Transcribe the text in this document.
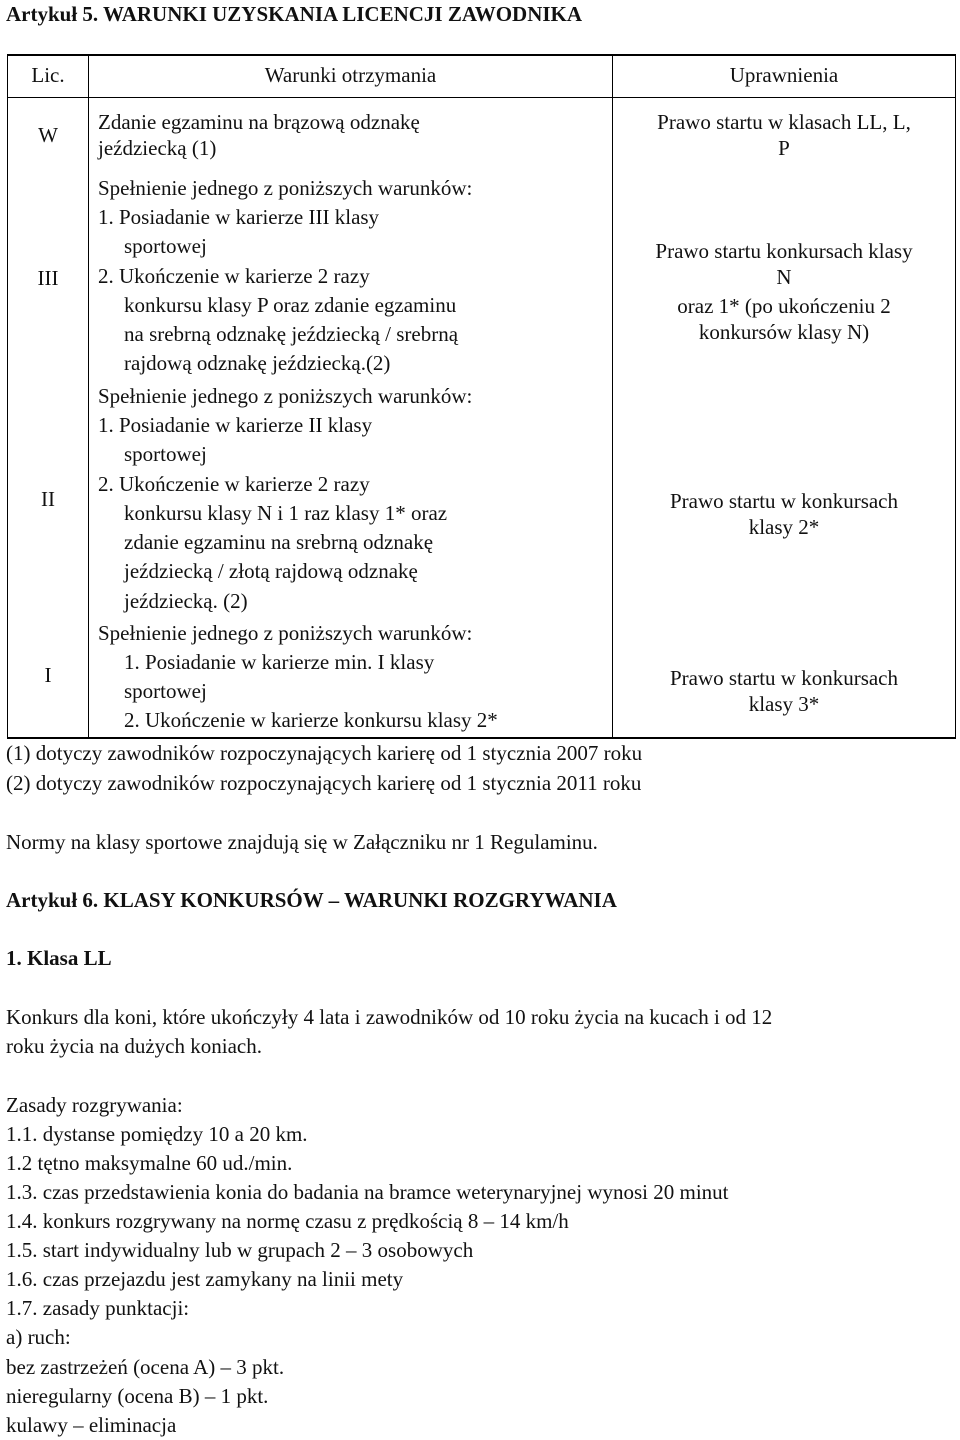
Artykuł 5. WARUNKI UZYSKANIA LICENCJI ZAWODNIKA
Lic.	Warunki otrzymania	Uprawnienia
W
Zdanie egzaminu na brązową odznakę
jeździecką (1)
Prawo startu w klasach LL, L,
P
III
Spełnienie jednego z poniższych warunków:
1. Posiadanie w karierze III klasy
sportowej
2. Ukończenie w karierze 2 razy
konkursu klasy P oraz zdanie egzaminu
na srebrną odznakę jeździecką / srebrną
rajdową odznakę jeździecką.(2)
Prawo startu konkursach klasy
N
oraz 1* (po ukończeniu 2
konkursów klasy N)
II
Spełnienie jednego z poniższych warunków:
1. Posiadanie w karierze II klasy
sportowej
2. Ukończenie w karierze 2 razy
konkursu klasy N i 1 raz klasy 1* oraz
zdanie egzaminu na srebrną odznakę
jeździecką / złotą rajdową odznakę
jeździecką. (2)
Prawo startu w konkursach
klasy 2*
I
Spełnienie jednego z poniższych warunków:
1. Posiadanie w karierze min. I klasy
sportowej
2. Ukończenie w karierze konkursu klasy 2*
Prawo startu w konkursach
klasy 3*
(1) dotyczy zawodników rozpoczynających karierę od 1 stycznia 2007 roku
(2) dotyczy zawodników rozpoczynających karierę od 1 stycznia 2011 roku
Normy na klasy sportowe znajdują się w Załączniku nr 1 Regulaminu.
Artykuł 6. KLASY KONKURSÓW – WARUNKI ROZGRYWANIA
1. Klasa LL
Konkurs dla koni, które ukończyły 4 lata i zawodników od 10 roku życia na kucach i od 12
roku życia na dużych koniach.
Zasady rozgrywania:
1.1. dystanse pomiędzy 10 a 20 km.
1.2 tętno maksymalne 60 ud./min.
1.3. czas przedstawienia konia do badania na bramce weterynaryjnej wynosi 20 minut
1.4. konkurs rozgrywany na normę czasu z prędkością 8 – 14 km/h
1.5. start indywidualny lub w grupach 2 – 3 osobowych
1.6. czas przejazdu jest zamykany na linii mety
1.7. zasady punktacji:
a) ruch:
bez zastrzeżeń (ocena A) – 3 pkt.
nieregularny (ocena B) – 1 pkt.
kulawy – eliminacja
